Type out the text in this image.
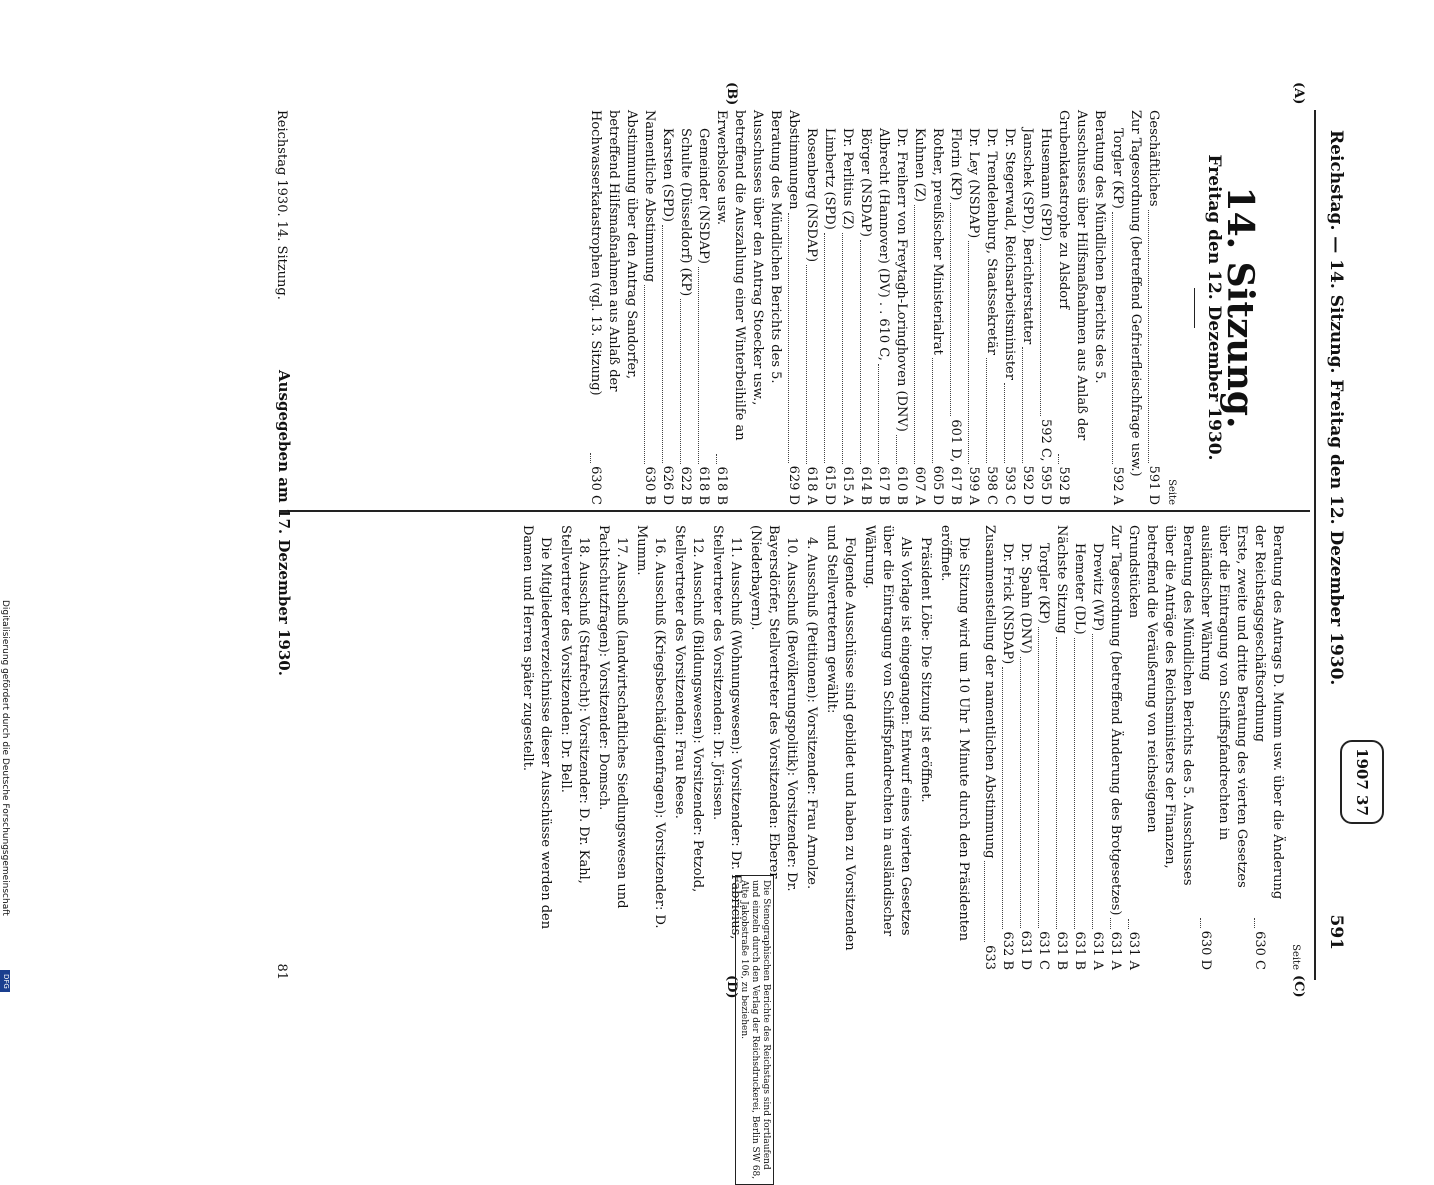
Reichstag. — 14. Sitzung. Freitag den 12. Dezember 1930.
591
1907 37
(A)
(B)
(C)
(D)
14. Sitzung.
Freitag den 12. Dezember 1930.
Seite
Geschäftliches
591 D
Zur Tagesordnung (betreffend Gefrierfleischfrage usw.)
Torgler (KP)
592 A
Beratung des Mündlichen Berichts des 5. Ausschusses über Hilfsmaßnahmen aus Anlaß der Grubenkatastrophe zu Alsdorf
592 B
Husemann (SPD)
592 C, 595 D
Janschek (SPD), Berichterstatter
592 D
Dr. Stegerwald, Reichsarbeitsminister
593 C
Dr. Trendelenburg, Staatssekretär
598 C
Dr. Ley (NSDAP)
599 A
Florin (KP)
601 D, 617 B
Rother, preußischer Ministerialrat
605 D
Kuhnen (Z)
607 A
Dr. Freiherr von Freytagh-Loringhoven (DNV)
610 B
Albrecht (Hannover) (DV) . . 610 C,
617 B
Börger (NSDAP)
614 B
Dr. Perlitius (Z)
615 A
Limbertz (SPD)
615 D
Rosenberg (NSDAP)
618 A
Abstimmungen
629 D
Beratung des Mündlichen Berichts des 5. Ausschusses über den Antrag Stoecker usw., betreffend die Auszahlung einer Winterbeihilfe an Erwerbslose usw.
618 B
Gemeinder (NSDAP)
618 B
Schulte (Düsseldorf) (KP)
622 B
Karsten (SPD)
626 D
Namentliche Abstimmung
630 B
Abstimmung über den Antrag Sandorfer, betreffend Hilfsmaßnahmen aus Anlaß der Hochwasserkatastrophen (vgl. 13. Sitzung)
630 C
Seite
Beratung des Antrags D. Mumm usw. über die Änderung der Reichstagsgeschäftsordnung
630 C
Erste, zweite und dritte Beratung des vierten Gesetzes über die Eintragung von Schiffspfandrechten in ausländischer Währung
630 D
Beratung des Mündlichen Berichts des 5. Ausschusses über die Anträge des Reichsministers der Finanzen, betreffend die Veräußerung von reichseigenen Grundstücken
631 A
Zur Tagesordnung (betreffend Änderung des Brotgesetzes)
631 A
Drewitz (WP)
631 A
Hemeter (DL)
631 B
Nächste Sitzung
631 B
Torgler (KP)
631 C
Dr. Spahn (DNV)
631 D
Dr. Frick (NSDAP)
632 B
Zusammenstellung der namentlichen Abstimmung
633

Die Sitzung wird um 10 Uhr 1 Minute durch den Präsidenten eröffnet.

Präsident Löbe: Die Sitzung ist eröffnet.

Als Vorlage ist eingegangen: Entwurf eines vierten Gesetzes über die Eintragung von Schiffspfandrechten in ausländischer Währung.

Folgende Ausschüsse sind gebildet und haben zu Vorsitzenden und Stellvertretern gewählt:

4. Ausschuß (Petitionen): Vorsitzender: Frau Arnolze.

10. Ausschuß (Bevölkerungspolitik): Vorsitzender: Dr. Bayersdörfer, Stellvertreter des Vorsitzenden: Eberer (Niederbayern).

11. Ausschuß (Wohnungswesen): Vorsitzender: Dr. Fabricius, Stellvertreter des Vorsitzenden: Dr. Jörissen.

12. Ausschuß (Bildungswesen): Vorsitzender: Petzold, Stellvertreter des Vorsitzenden: Frau Reese.

16. Ausschuß (Kriegsbeschädigtenfragen): Vorsitzender: D. Mumm.

17. Ausschuß (landwirtschaftliches Siedlungswesen und Pachtschutzfragen): Vorsitzender: Domsch.

18. Ausschuß (Strafrecht): Vorsitzender: D. Dr. Kahl, Stellvertreter des Vorsitzenden: Dr. Bell.

Die Mitgliederverzeichnisse dieser Ausschüsse werden den Damen und Herren später zugestellt.

Die Stenographischen Berichte des Reichstags sind fortlaufend und einzeln durch den Verlag der Reichsdruckerei, Berlin SW 68, Alte Jakobstraße 106, zu beziehen.
Reichstag 1930. 14. Sitzung.
Ausgegeben am 17. Dezember 1930.
81
Digitalisierung gefördert durch die Deutsche Forschungsgemeinschaft
DFG
